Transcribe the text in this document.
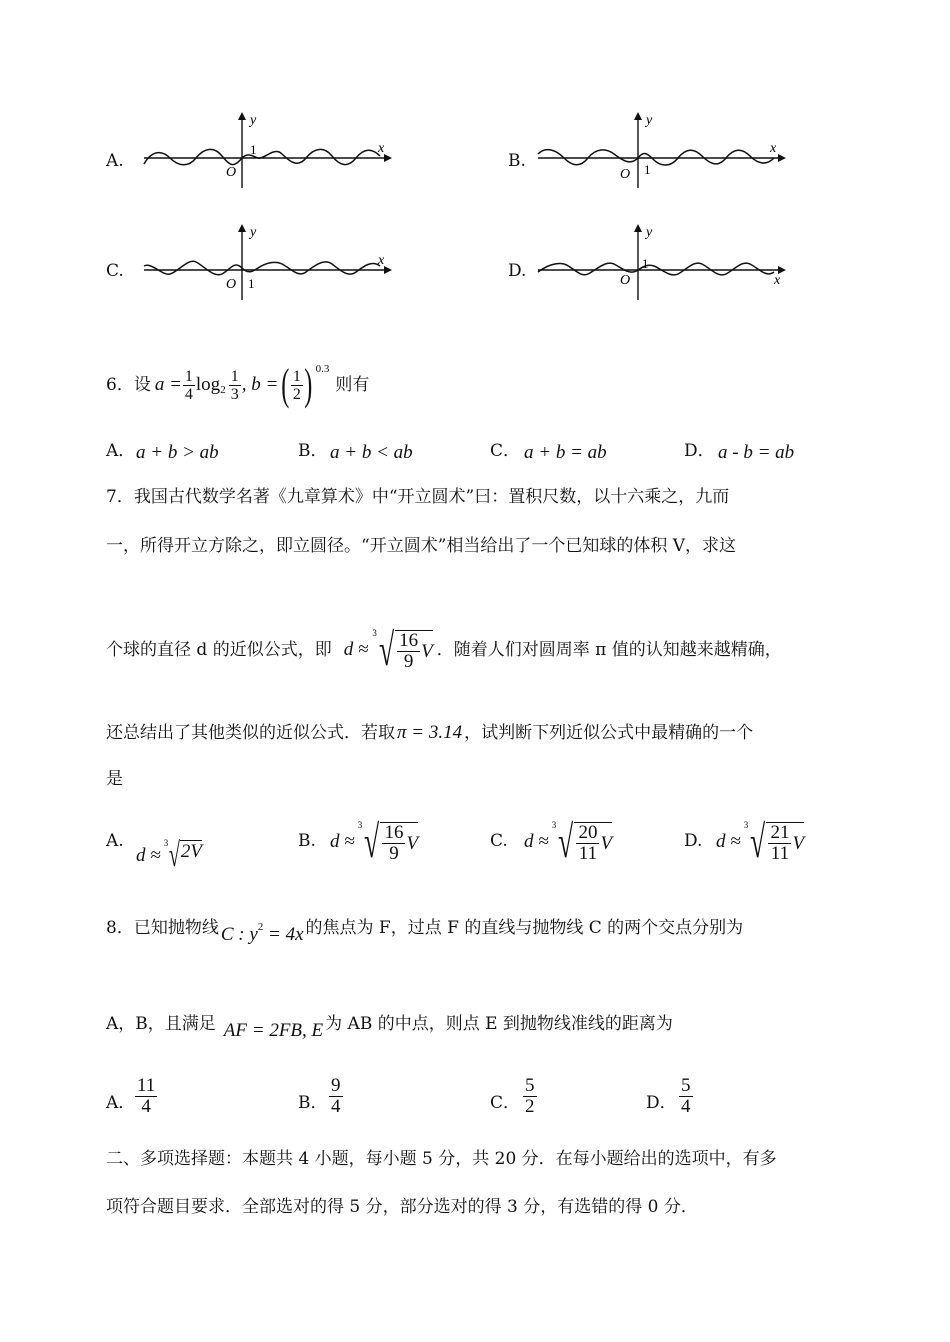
A.
y
x
O
1
B.
y
x
O 1
C.
y
x
O 1
D.
y
x
O
1
6．设 $a = \frac{1}{4}$ $\log 2 \frac{1}{3}$ , b = ( $\frac{1}{2}$ ) 0.3
则有
A． a + b > ab	B． a + b < ab	C． a + b = ab	D． a - b = ab
7．我国古代数学名著《九章算术》中“开立圆术”曰：置积尺数，以十六乘之，九而
一，所得开立方除之，即立圆径。“开立圆术”相当给出了一个已知球的体积 V，求这
个球的直径 d 的近似公式，即 d ≈
3 √ $\frac{16}{9}$ V ．随着人们对圆周率 π 值的认知越来越精确，
还总结出了其他类似的近似公式．若取 π = 3.14 ，试判断下列近似公式中最精确的一个
是
A.
d ≈
3 √ 2V	B. d ≈
3 √ $\frac{16}{9}$ V	C. d ≈
3 √ $\frac{20}{11}$ V	D. d ≈
3 √ $\frac{21}{11}$ V
8．已知抛物线 C : $y^2 = 4x$ 的焦点为 F，过点 F 的直线与抛物线 C 的两个交点分别为
A，B，且满足 AF = 2FB, E 为 AB 的中点，则点 E 到抛物线准线的距离为
A． $\frac{11}{4}$	B． $\frac{9}{4}$	C． $\frac{5}{2}$	D． $\frac{5}{4}$
二、多项选择题：本题共 4 小题，每小题 5 分，共 20 分．在每小题给出的选项中，有多
项符合题目要求．全部选对的得 5 分，部分选对的得 3 分，有选错的得 0 分．
